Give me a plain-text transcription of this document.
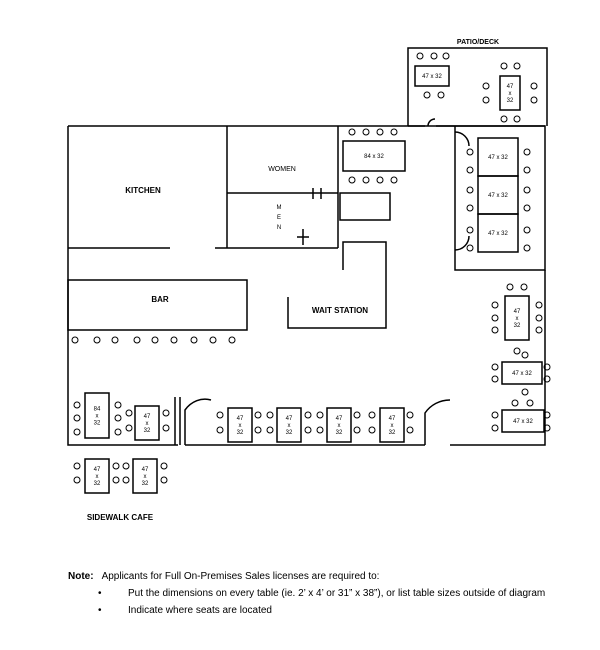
PATIO/DECK
KITCHEN
WOMEN
BAR
WAIT STATION
SIDEWALK CAFE
M
E
N
47 x 32
47
x
32
84 x 32	47 x 32
47 x 32
47 x 32
47
x
32
47 x 32
47 x 32
84
x
32
47
x
32
47
x
32
47
x
32
47
x
32
47
x
32
47
x
32
47
x
32
Note: Applicants for Full On-Premises Sales licenses are required to:
•	Put the dimensions on every table (ie. 2’ x 4’ or 31” x 38”), or list table sizes outside of diagram
•	Indicate where seats are located
